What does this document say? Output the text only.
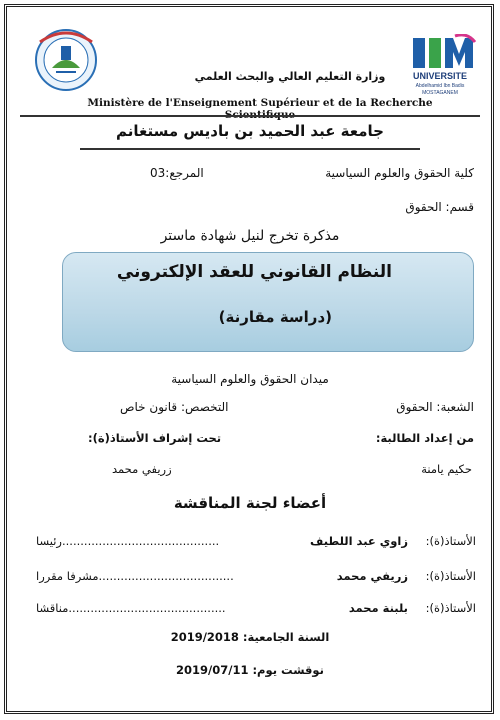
UNIVERSITE
Abdelhamid Ibn Badis
MOSTAGANEM
وزارة التعليم العالي والبحث العلمي
Ministère de l'Enseignement Supérieur et de la Recherche Scientifique
جامعة عبد الحميد بن باديس مستغانم
كلية الحقوق والعلوم السياسية
المرجع:03
قسم: الحقوق
مذكرة تخرج لنيل شهادة ماستر
النظام القانوني للعقد الإلكتروني
(دراسة مقارنة)
ميدان الحقوق والعلوم السياسية
الشعبة: الحقوق
التخصص: قانون خاص
من إعداد الطالبة:
تحت إشراف الأستاذ(ة):
حكيم يامنة
زريفي محمد
أعضاء لجنة المناقشة
الأستاذ(ة):
زاوي عبد اللطيف
...........................................رئيسا
الأستاذ(ة):
زريفي محمد
.....................................مشرفا مقررا
الأستاذ(ة):
بلبنة محمد
...........................................مناقشا
السنة الجامعية: 2019/2018
نوقشت يوم: 2019/07/11
